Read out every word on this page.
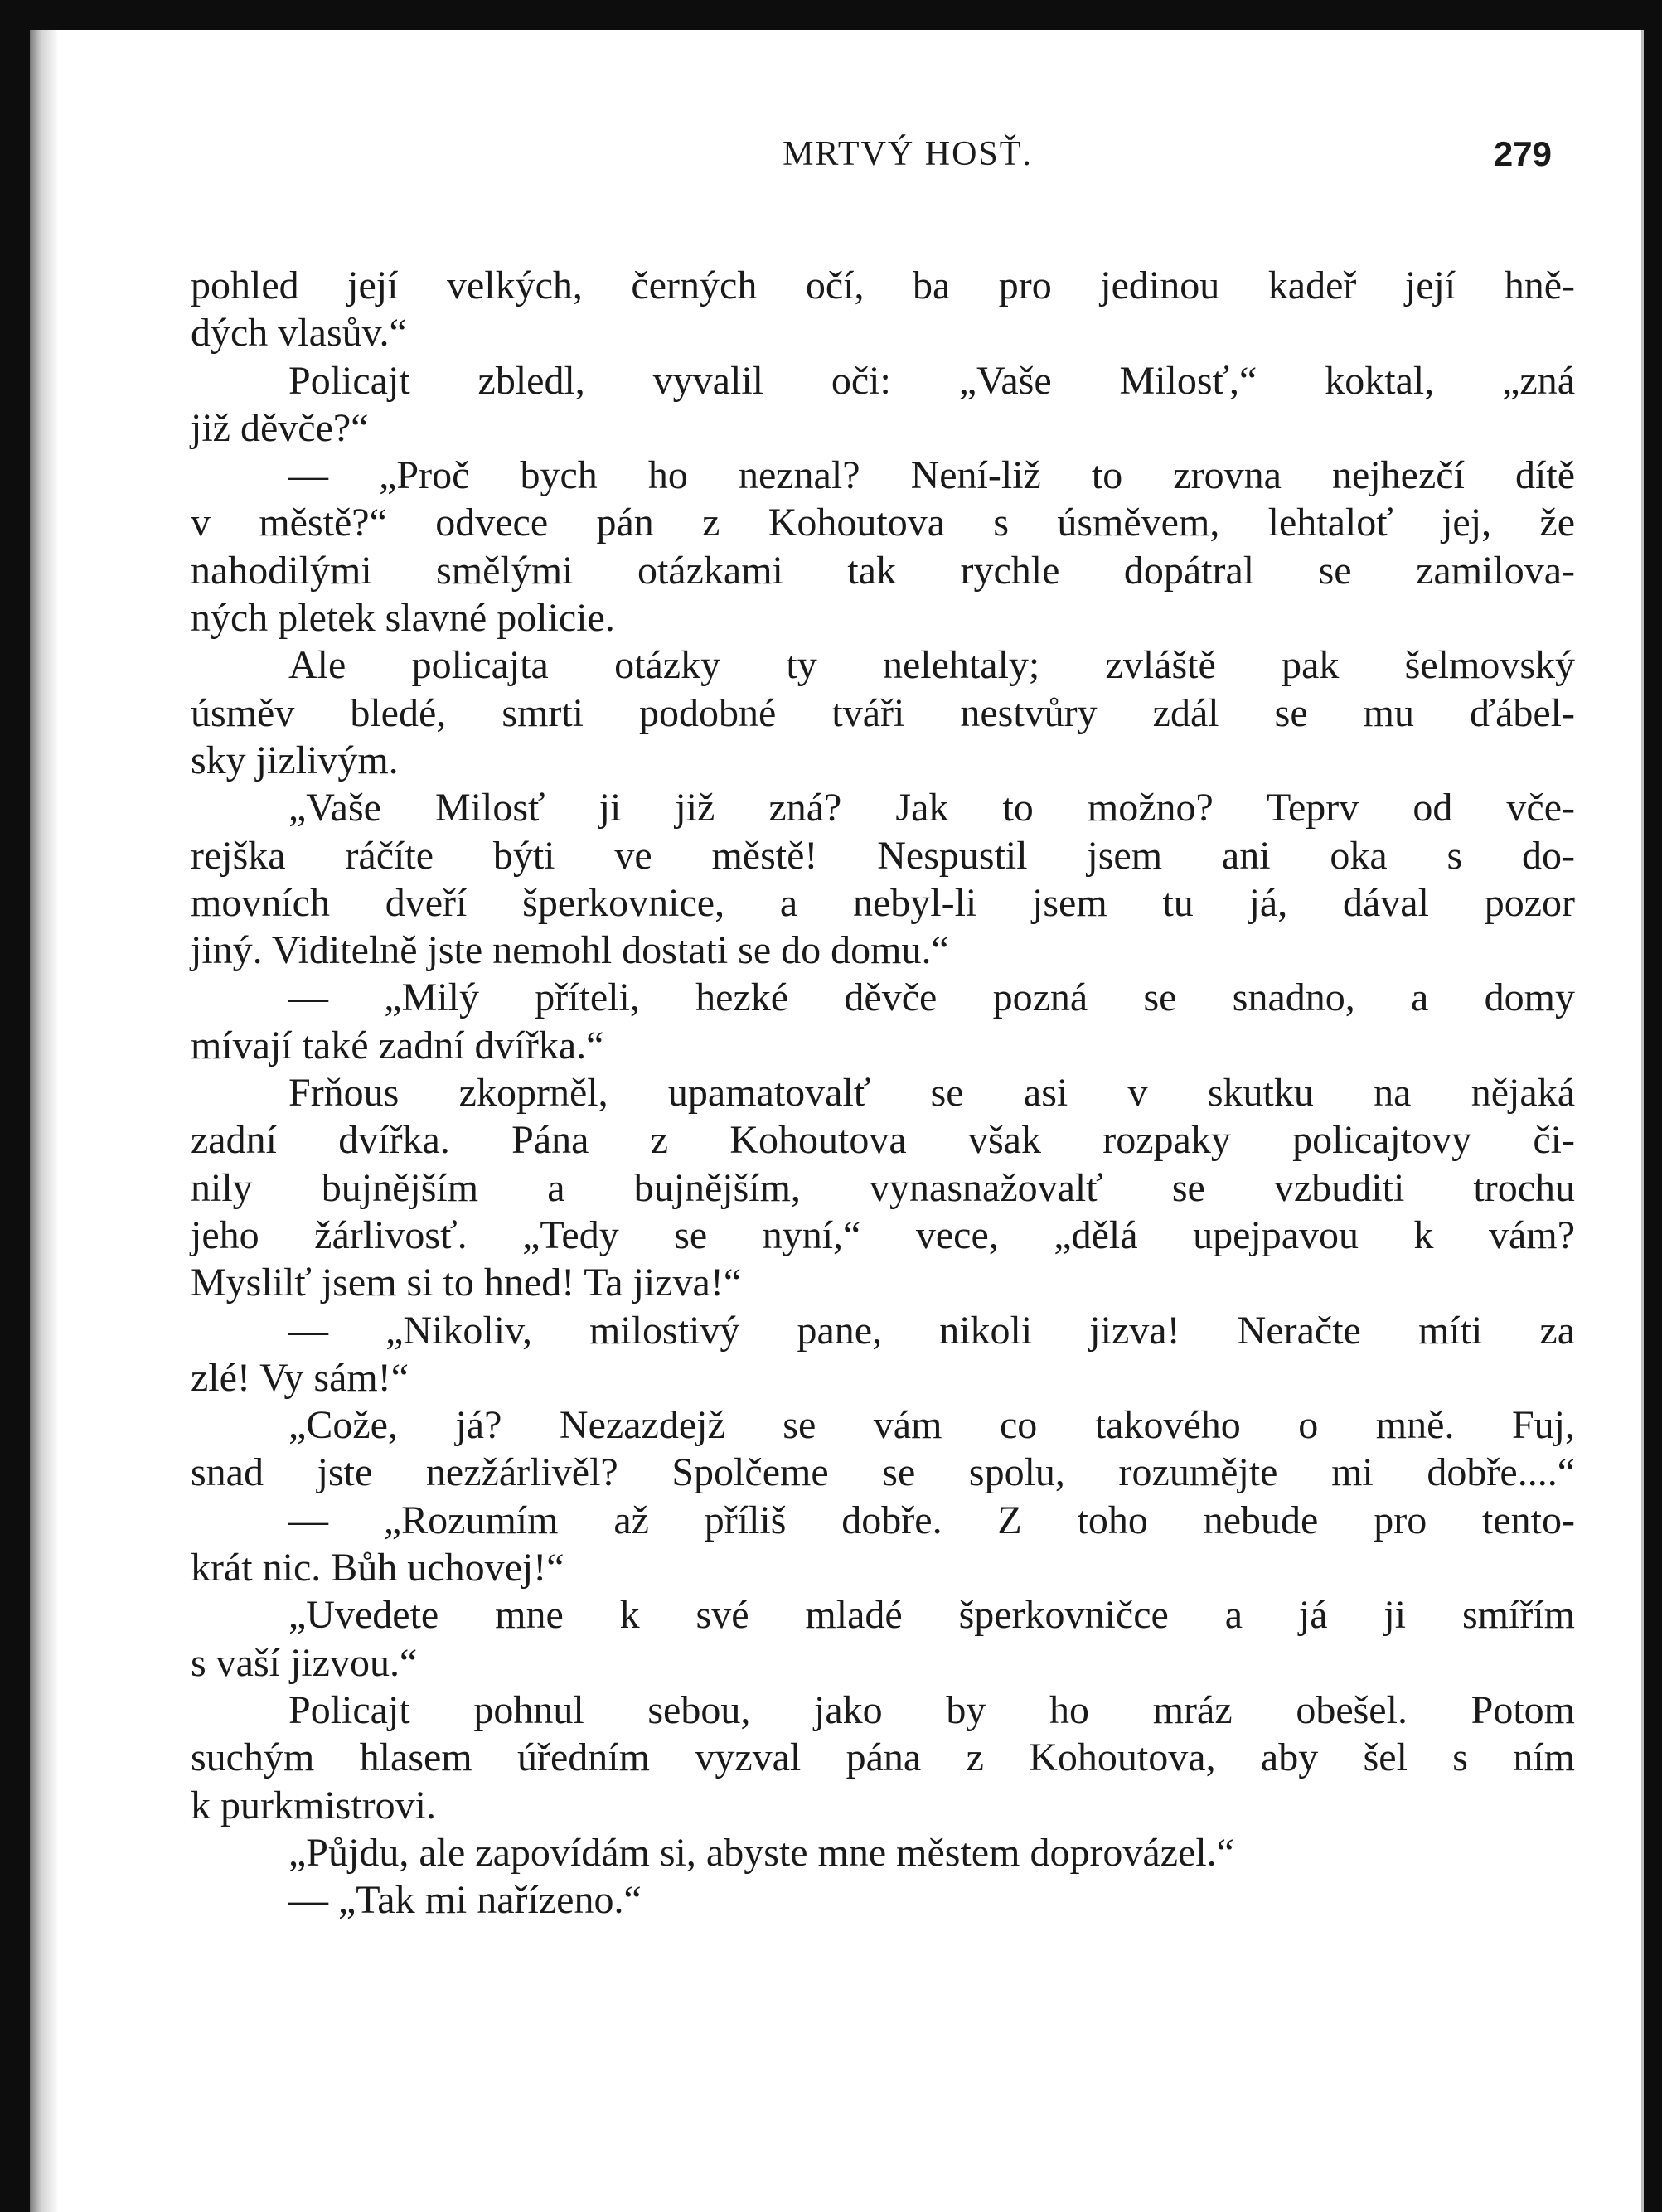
MRTVÝ HOSŤ.	279
pohled její velkých, černých očí, ba pro jedinou kadeř její hně-
dých vlasův.“
Policajt zbledl, vyvalil oči: „Vaše Milosť,“ koktal, „zná
již děvče?“
— „Proč bych ho neznal? Není-liž to zrovna nejhezčí dítě
v městě?“ odvece pán z Kohoutova s úsměvem, lehtaloť jej, že
nahodilými smělými otázkami tak rychle dopátral se zamilova-
ných pletek slavné policie.
Ale policajta otázky ty nelehtaly; zvláště pak šelmovský
úsměv bledé, smrti podobné tváři nestvůry zdál se mu ďábel-
sky jizlivým.
„Vaše Milosť ji již zná? Jak to možno? Teprv od vče-
rejška ráčíte býti ve městě! Nespustil jsem ani oka s do-
movních dveří šperkovnice, a nebyl-li jsem tu já, dával pozor
jiný. Viditelně jste nemohl dostati se do domu.“
— „Milý příteli, hezké děvče pozná se snadno, a domy
mívají také zadní dvířka.“
Frňous zkoprněl, upamatovalť se asi v skutku na nějaká
zadní dvířka. Pána z Kohoutova však rozpaky policajtovy či-
nily bujnějším a bujnějším, vynasnažovalť se vzbuditi trochu
jeho žárlivosť. „Tedy se nyní,“ vece, „dělá upejpavou k vám?
Myslilť jsem si to hned! Ta jizva!“
— „Nikoliv, milostivý pane, nikoli jizva! Neračte míti za
zlé! Vy sám!“
„Cože, já? Nezazdejž se vám co takového o mně. Fuj,
snad jste nezžárlivěl? Spolčeme se spolu, rozumějte mi dobře....“
— „Rozumím až příliš dobře. Z toho nebude pro tento-
krát nic. Bůh uchovej!“
„Uvedete mne k své mladé šperkovničce a já ji smířím
s vaší jizvou.“
Policajt pohnul sebou, jako by ho mráz obešel. Potom
suchým hlasem úředním vyzval pána z Kohoutova, aby šel s ním
k purkmistrovi.
„Půjdu, ale zapovídám si, abyste mne městem doprovázel.“
— „Tak mi nařízeno.“
